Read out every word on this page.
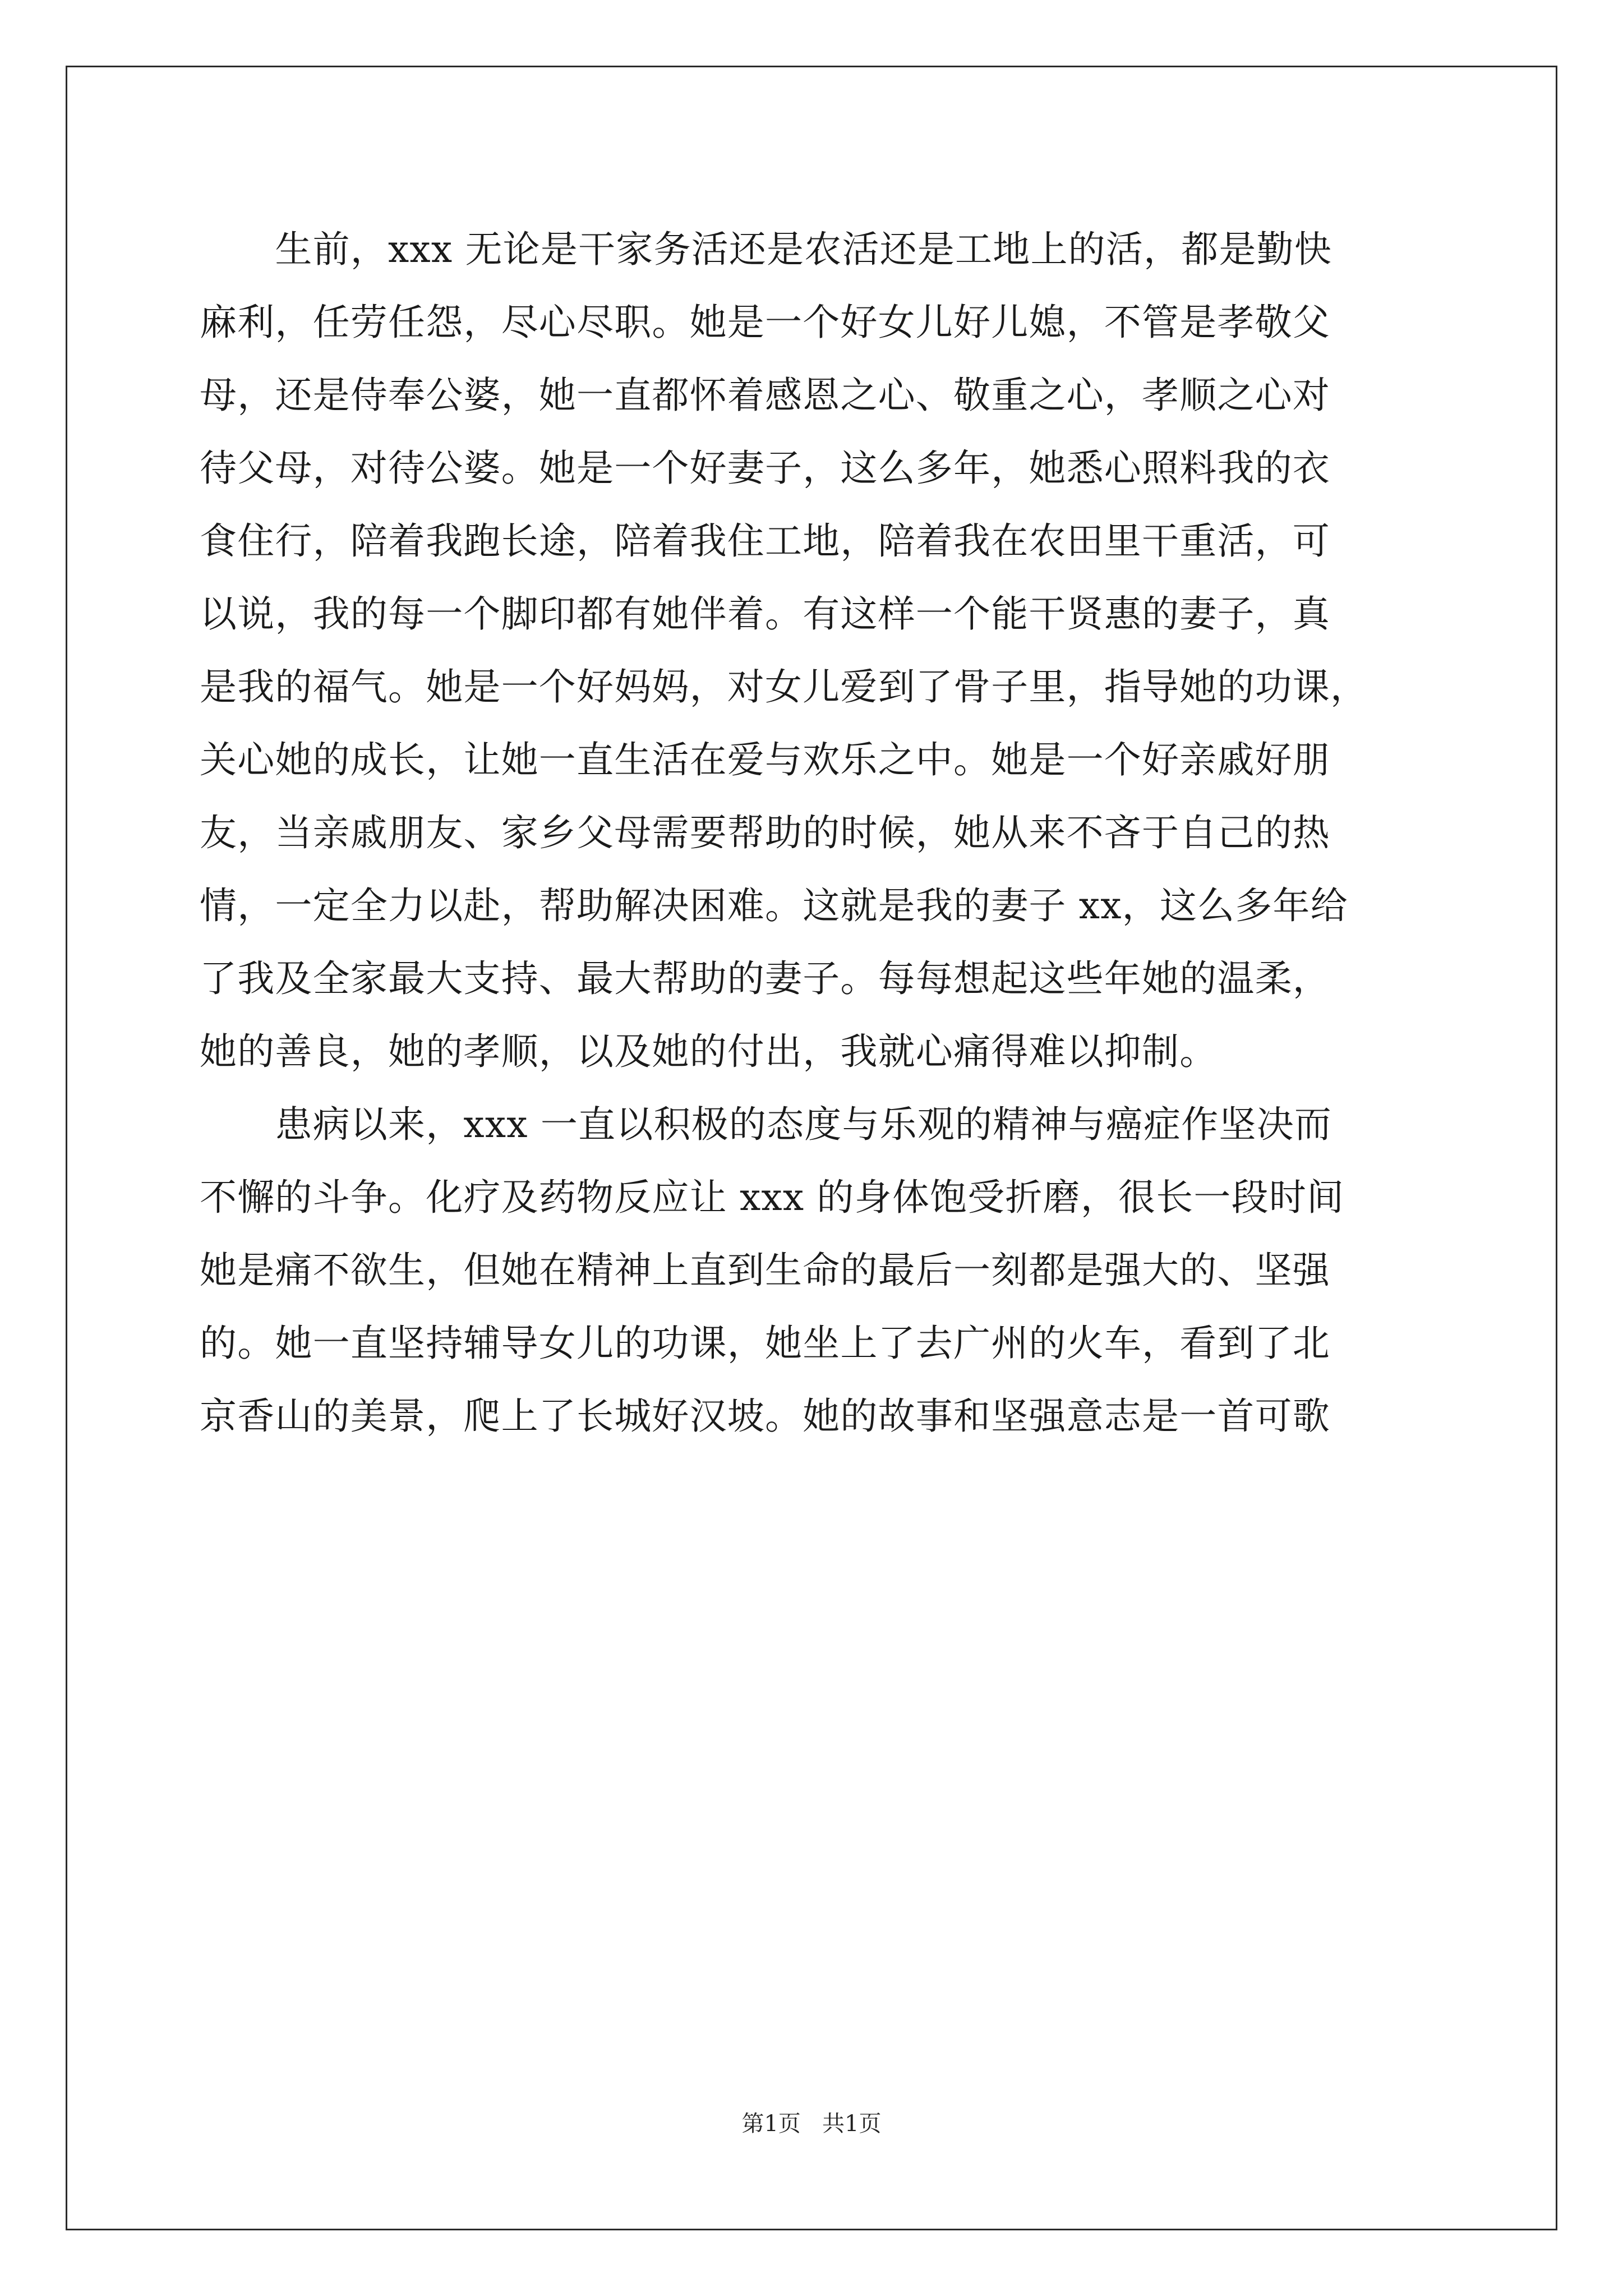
　　生前，xxx 无论是干家务活还是农活还是工地上的活，都是勤快
麻利，任劳任怨，尽心尽职。她是一个好女儿好儿媳，不管是孝敬父
母，还是侍奉公婆，她一直都怀着感恩之心、敬重之心，孝顺之心对
待父母，对待公婆。她是一个好妻子，这么多年，她悉心照料我的衣
食住行，陪着我跑长途，陪着我住工地，陪着我在农田里干重活，可
以说，我的每一个脚印都有她伴着。有这样一个能干贤惠的妻子，真
是我的福气。她是一个好妈妈，对女儿爱到了骨子里，指导她的功课，
关心她的成长，让她一直生活在爱与欢乐之中。她是一个好亲戚好朋
友，当亲戚朋友、家乡父母需要帮助的时候，她从来不吝于自己的热
情，一定全力以赴，帮助解决困难。这就是我的妻子 xx，这么多年给
了我及全家最大支持、最大帮助的妻子。每每想起这些年她的温柔，
她的善良，她的孝顺，以及她的付出，我就心痛得难以抑制。
　　患病以来，xxx 一直以积极的态度与乐观的精神与癌症作坚决而
不懈的斗争。化疗及药物反应让 xxx 的身体饱受折磨，很长一段时间
她是痛不欲生，但她在精神上直到生命的最后一刻都是强大的、坚强
的。她一直坚持辅导女儿的功课，她坐上了去广州的火车，看到了北
京香山的美景，爬上了长城好汉坡。她的故事和坚强意志是一首可歌
第1页   共1页
